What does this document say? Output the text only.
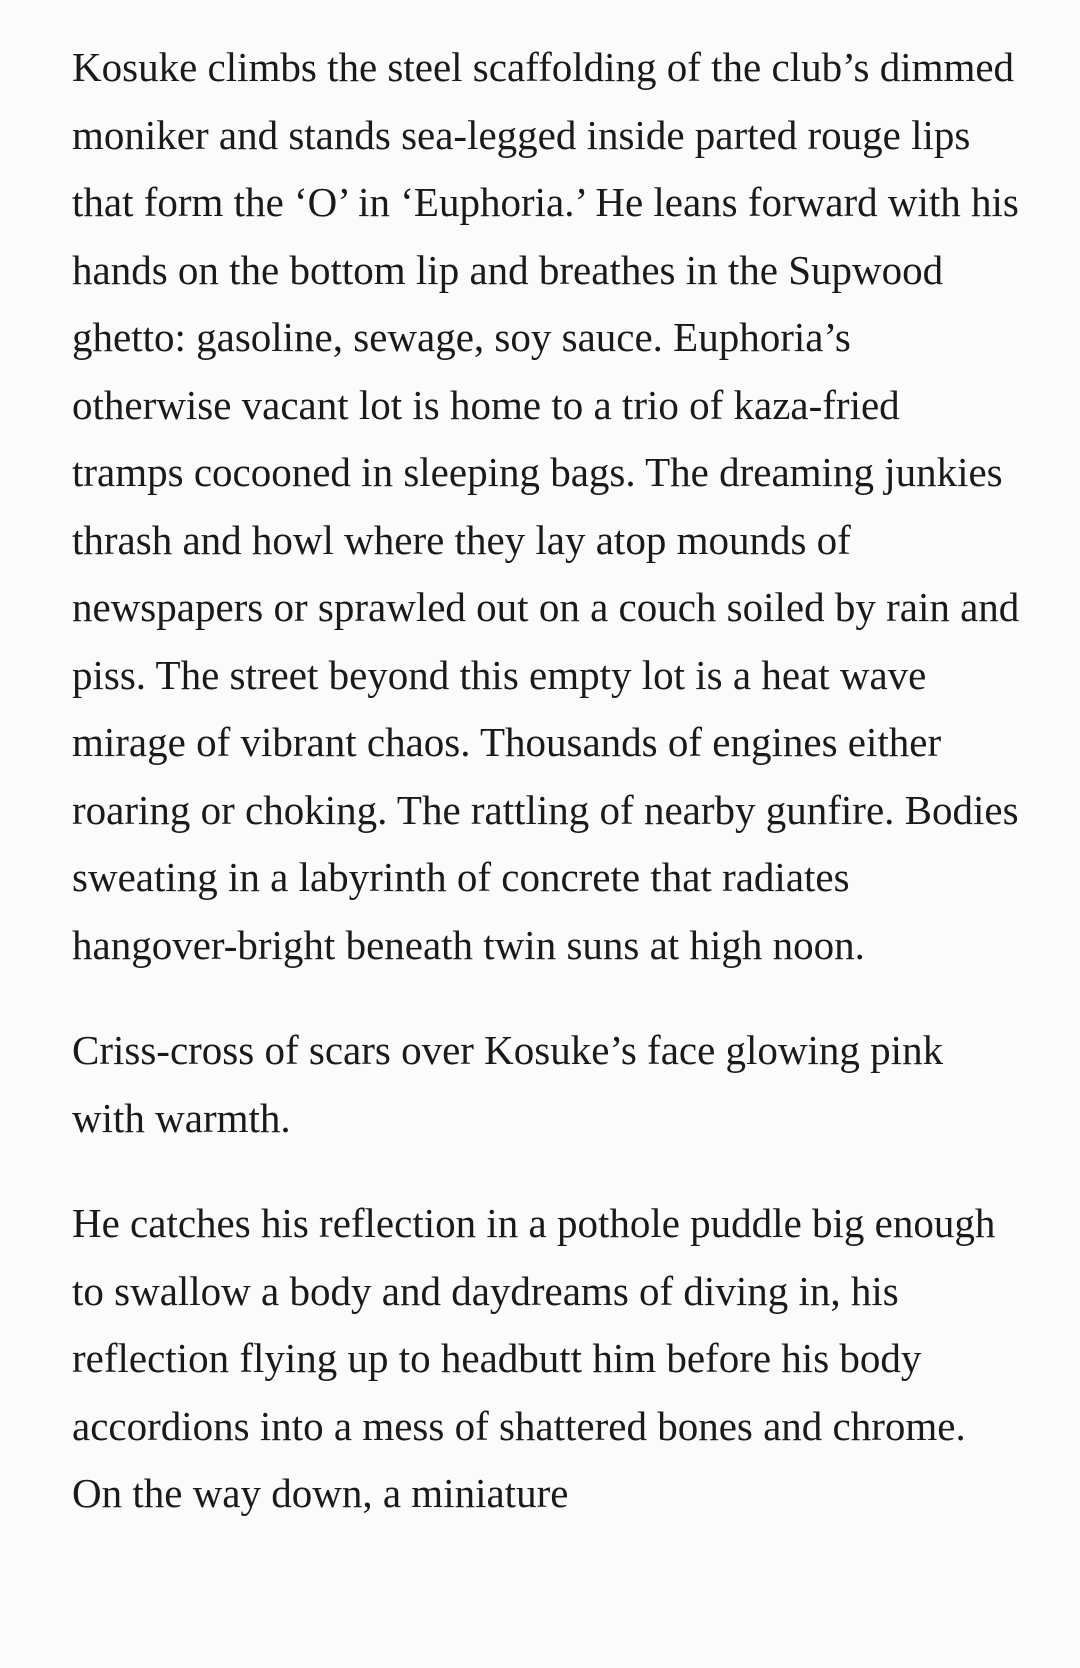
Kosuke climbs the steel scaffolding of the club’s dimmed moniker and stands sea-legged inside parted rouge lips that form the ‘O’ in ‘Euphoria.’ He leans forward with his hands on the bottom lip and breathes in the Supwood ghetto: gasoline, sewage, soy sauce. Euphoria’s otherwise vacant lot is home to a trio of kaza-fried tramps cocooned in sleeping bags. The dreaming junkies thrash and howl where they lay atop mounds of newspapers or sprawled out on a couch soiled by rain and piss. The street beyond this empty lot is a heat wave mirage of vibrant chaos. Thousands of engines either roaring or choking. The rattling of nearby gunfire. Bodies sweating in a labyrinth of concrete that radiates hangover-bright beneath twin suns at high noon.

Criss-cross of scars over Kosuke’s face glowing pink with warmth.

He catches his reflection in a pothole puddle big enough to swallow a body and daydreams of diving in, his reflection flying up to headbutt him before his body accordions into a mess of shattered bones and chrome. On the way down, a miniature
